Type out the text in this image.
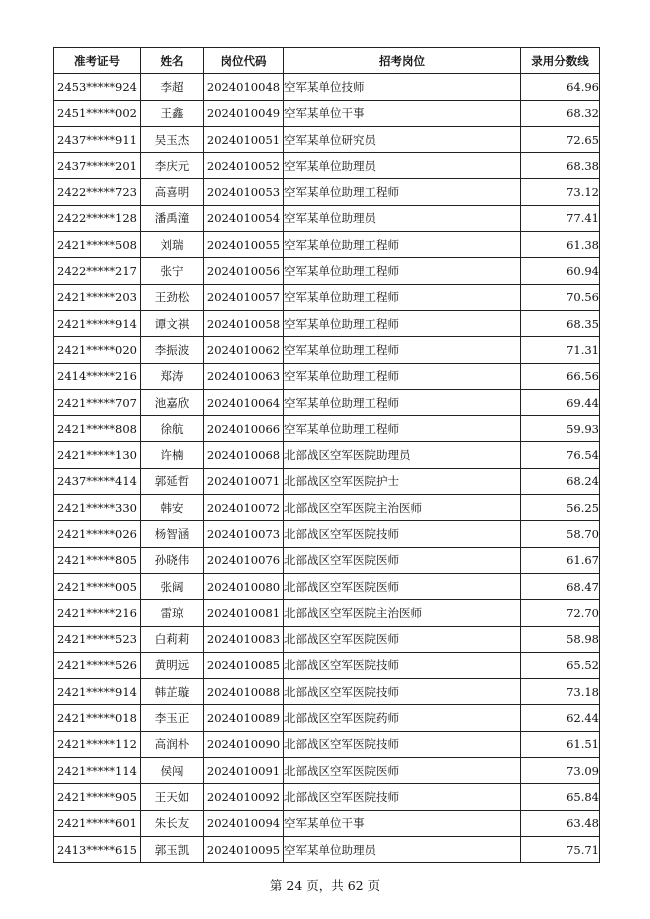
准考证号	姓名	岗位代码	招考岗位	录用分数线
2453*****924	李超	2024010048	空军某单位技师	64.96
2451*****002	王鑫	2024010049	空军某单位干事	68.32
2437*****911	吴玉杰	2024010051	空军某单位研究员	72.65
2437*****201	李庆元	2024010052	空军某单位助理员	68.38
2422*****723	高喜明	2024010053	空军某单位助理工程师	73.12
2422*****128	潘禹潼	2024010054	空军某单位助理员	77.41
2421*****508	刘瑞	2024010055	空军某单位助理工程师	61.38
2422*****217	张宁	2024010056	空军某单位助理工程师	60.94
2421*****203	王劲松	2024010057	空军某单位助理工程师	70.56
2421*****914	谭文祺	2024010058	空军某单位助理工程师	68.35
2421*****020	李振波	2024010062	空军某单位助理工程师	71.31
2414*****216	郑涛	2024010063	空军某单位助理工程师	66.56
2421*****707	池嘉欣	2024010064	空军某单位助理工程师	69.44
2421*****808	徐航	2024010066	空军某单位助理工程师	59.93
2421*****130	许楠	2024010068	北部战区空军医院助理员	76.54
2437*****414	郭延哲	2024010071	北部战区空军医院护士	68.24
2421*****330	韩安	2024010072	北部战区空军医院主治医师	56.25
2421*****026	杨智涵	2024010073	北部战区空军医院技师	58.70
2421*****805	孙晓伟	2024010076	北部战区空军医院医师	61.67
2421*****005	张阔	2024010080	北部战区空军医院医师	68.47
2421*****216	雷琼	2024010081	北部战区空军医院主治医师	72.70
2421*****523	白莉莉	2024010083	北部战区空军医院医师	58.98
2421*****526	黄明远	2024010085	北部战区空军医院技师	65.52
2421*****914	韩芷璇	2024010088	北部战区空军医院技师	73.18
2421*****018	李玉正	2024010089	北部战区空军医院药师	62.44
2421*****112	高润朴	2024010090	北部战区空军医院技师	61.51
2421*****114	侯闯	2024010091	北部战区空军医院医师	73.09
2421*****905	王天如	2024010092	北部战区空军医院技师	65.84
2421*****601	朱长友	2024010094	空军某单位干事	63.48
2413*****615	郭玉凯	2024010095	空军某单位助理员	75.71
第 24 页，共 62 页
